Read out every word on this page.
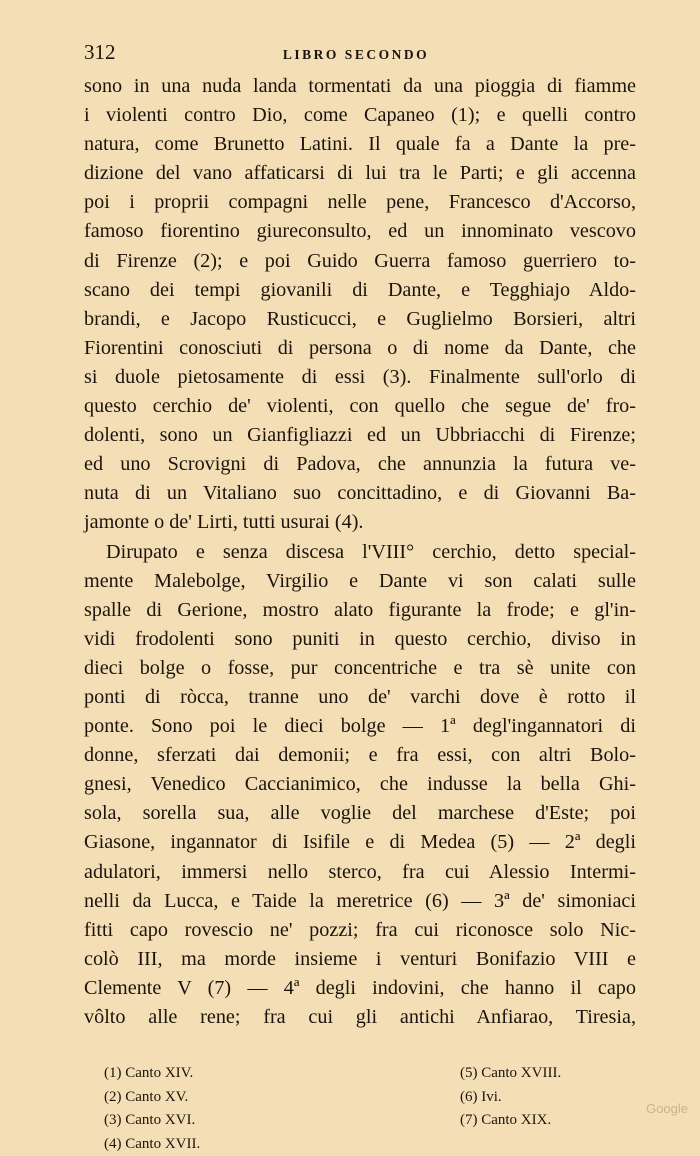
312	LIBRO SECONDO
sono in una nuda landa tormentati da una pioggia di fiamme
i violenti contro Dio, come Capaneo (1); e quelli contro
natura, come Brunetto Latini. Il quale fa a Dante la pre-
dizione del vano affaticarsi di lui tra le Parti; e gli accenna
poi i proprii compagni nelle pene, Francesco d'Accorso,
famoso fiorentino giureconsulto, ed un innominato vescovo
di Firenze (2); e poi Guido Guerra famoso guerriero to-
scano dei tempi giovanili di Dante, e Tegghiajo Aldo-
brandi, e Jacopo Rusticucci, e Guglielmo Borsieri, altri
Fiorentini conosciuti di persona o di nome da Dante, che
si duole pietosamente di essi (3). Finalmente sull'orlo di
questo cerchio de' violenti, con quello che segue de' fro-
dolenti, sono un Gianfigliazzi ed un Ubbriacchi di Firenze;
ed uno Scrovigni di Padova, che annunzia la futura ve-
nuta di un Vitaliano suo concittadino, e di Giovanni Ba-
jamonte o de' Lirti, tutti usurai (4).
Dirupato e senza discesa l'VIII° cerchio, detto special-
mente Malebolge, Virgilio e Dante vi son calati sulle
spalle di Gerione, mostro alato figurante la frode; e gl'in-
vidi frodolenti sono puniti in questo cerchio, diviso in
dieci bolge o fosse, pur concentriche e tra sè unite con
ponti di ròcca, tranne uno de' varchi dove è rotto il
ponte. Sono poi le dieci bolge — 1ª degl'ingannatori di
donne, sferzati dai demonii; e fra essi, con altri Bolo-
gnesi, Venedico Caccianimico, che indusse la bella Ghi-
sola, sorella sua, alle voglie del marchese d'Este; poi
Giasone, ingannator di Isifile e di Medea (5) — 2ª degli
adulatori, immersi nello sterco, fra cui Alessio Intermi-
nelli da Lucca, e Taide la meretrice (6) — 3ª de' simoniaci
fitti capo rovescio ne' pozzi; fra cui riconosce solo Nic-
colò III, ma morde insieme i venturi Bonifazio VIII e
Clemente V (7) — 4ª degli indovini, che hanno il capo
vôlto alle rene; fra cui gli antichi Anfiarao, Tiresia,
(1) Canto XIV.
(2) Canto XV.
(3) Canto XVI.
(4) Canto XVII.
(5) Canto XVIII.
(6) Ivi.
(7) Canto XIX.
Google
